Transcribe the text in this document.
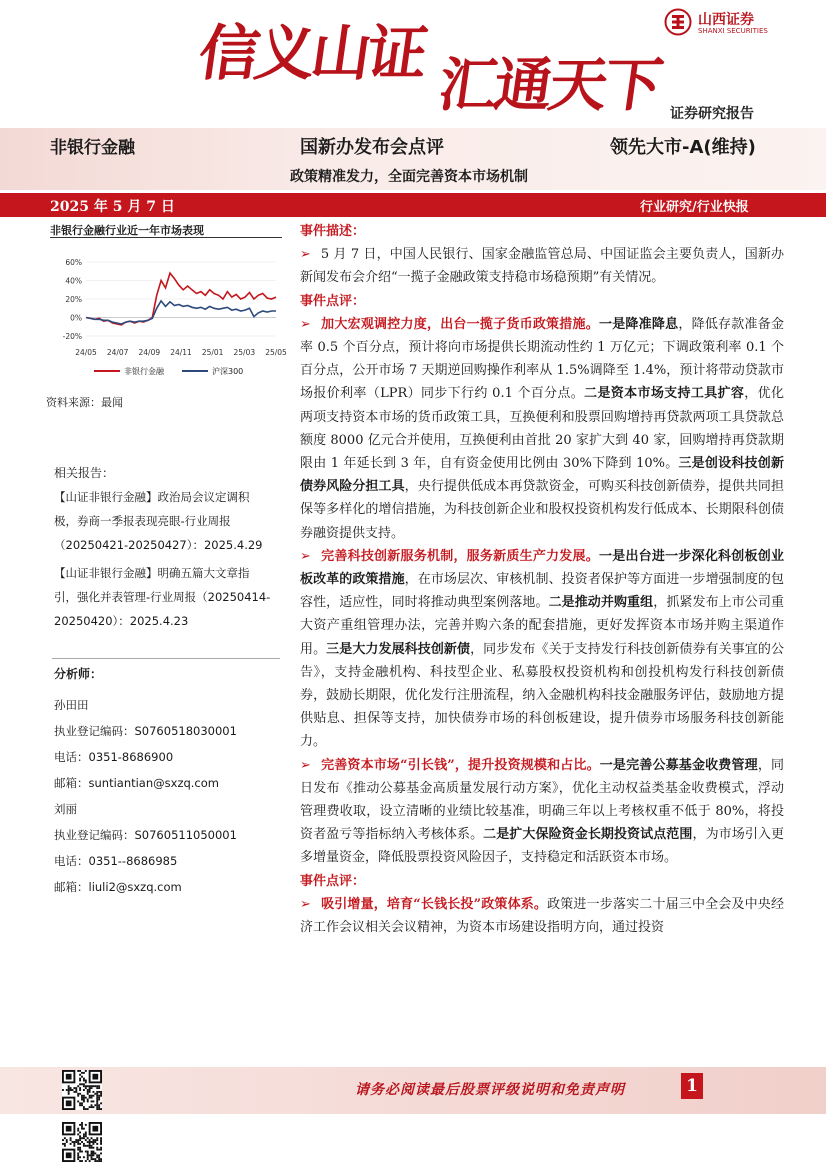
信义山证 汇通天下
山西证券
SHANXI SECURITIES
证券研究报告
非银行金融	国新办发布会点评	领先大市-A(维持)
政策精准发力，全面完善资本市场机制
2025 年 5 月 7 日	行业研究/行业快报
非银行金融行业近一年市场表现
60%
40%
20%
0%
-20%
24/05 24/07 24/09 24/11 25/01 25/03 25/05
非银行金融	沪深300
资料来源：最闻
相关报告：
【山证非银行金融】政治局会议定调积极，券商一季报表现亮眼-行业周报（20250421-20250427）：2025.4.29
【山证非银行金融】明确五篇大文章指引，强化并表管理-行业周报（20250414-20250420）：2025.4.23
分析师：
孙田田
执业登记编码：S0760518030001
电话：0351-8686900
邮箱：suntiantian@sxzq.com
刘丽
执业登记编码：S0760511050001
电话：0351--8686985
邮箱：liuli2@sxzq.com

事件描述：

➢ 5 月 7 日，中国人民银行、国家金融监管总局、中国证监会主要负责人，国新办新闻发布会介绍“一揽子金融政策支持稳市场稳预期”有关情况。

事件点评：

➢ 加大宏观调控力度，出台一揽子货币政策措施。一是降准降息，降低存款准备金率 0.5 个百分点，预计将向市场提供长期流动性约 1 万亿元；下调政策利率 0.1 个百分点，公开市场 7 天期逆回购操作利率从 1.5%调降至 1.4%，预计将带动贷款市场报价利率（LPR）同步下行约 0.1 个百分点。二是资本市场支持工具扩容，优化两项支持资本市场的货币政策工具，互换便利和股票回购增持再贷款两项工具贷款总额度 8000 亿元合并使用，互换便利由首批 20 家扩大到 40 家，回购增持再贷款期限由 1 年延长到 3 年，自有资金使用比例由 30%下降到 10%。三是创设科技创新债券风险分担工具，央行提供低成本再贷款资金，可购买科技创新债券，提供共同担保等多样化的增信措施，为科技创新企业和股权投资机构发行低成本、长期限科创债券融资提供支持。

➢ 完善科技创新服务机制，服务新质生产力发展。一是出台进一步深化科创板创业板改革的政策措施，在市场层次、审核机制、投资者保护等方面进一步增强制度的包容性，适应性，同时将推动典型案例落地。二是推动并购重组，抓紧发布上市公司重大资产重组管理办法，完善并购六条的配套措施，更好发挥资本市场并购主渠道作用。三是大力发展科技创新债，同步发布《关于支持发行科技创新债券有关事宜的公告》，支持金融机构、科技型企业、私募股权投资机构和创投机构发行科技创新债券，鼓励长期限，优化发行注册流程，纳入金融机构科技金融服务评估，鼓励地方提供贴息、担保等支持，加快债券市场的科创板建设，提升债券市场服务科技创新能力。

➢ 完善资本市场“引长钱”，提升投资规模和占比。一是完善公募基金收费管理，同日发布《推动公募基金高质量发展行动方案》，优化主动权益类基金收费模式，浮动管理费收取，设立清晰的业绩比较基准，明确三年以上考核权重不低于 80%，将投资者盈亏等指标纳入考核体系。二是扩大保险资金长期投资试点范围，为市场引入更多增量资金，降低股票投资风险因子，支持稳定和活跃资本市场。

事件点评：

➢ 吸引增量，培育“长钱长投”政策体系。政策进一步落实二十届三中全会及中央经济工作会议相关会议精神，为资本市场建设指明方向，通过投资

请务必阅读最后股票评级说明和免责声明	1
